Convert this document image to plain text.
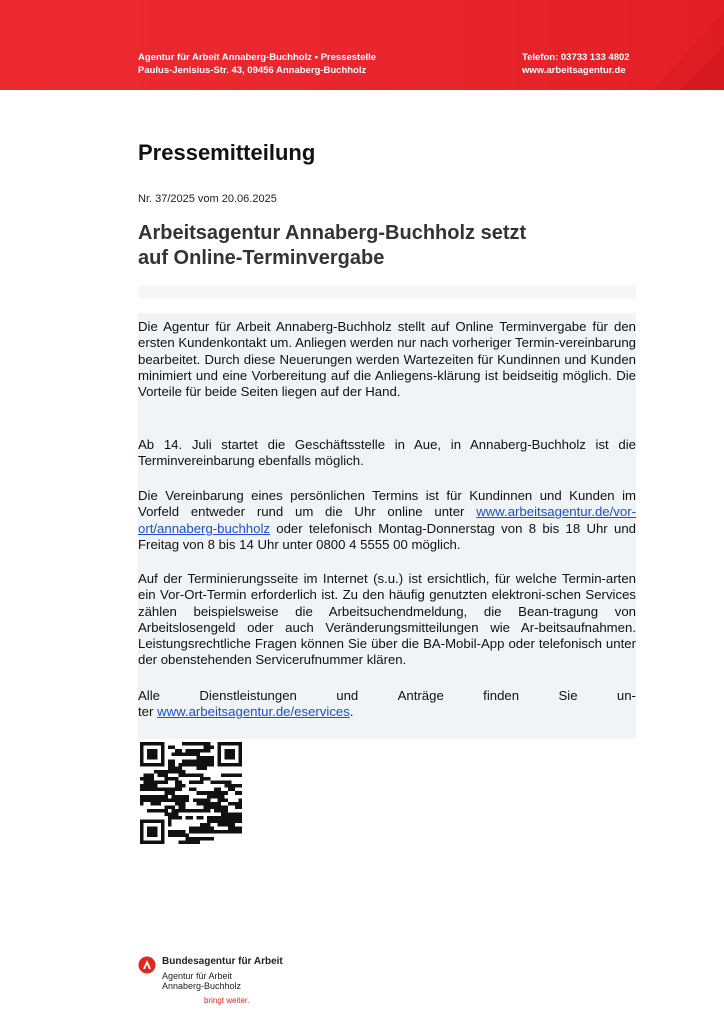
Agentur für Arbeit Annaberg-Buchholz • Pressestelle
Paulus-Jenisius-Str. 43, 09456 Annaberg-Buchholz
Telefon: 03733 133 4802
www.arbeitsagentur.de
Pressemitteilung
Nr. 37/2025 vom 20.06.2025
Arbeitsagentur Annaberg-Buchholz setzt
auf Online-Terminvergabe
Die Agentur für Arbeit Annaberg-Buchholz stellt auf Online Terminvergabe für den ersten Kundenkontakt um. Anliegen werden nur nach vorheriger Termin-vereinbarung bearbeitet. Durch diese Neuerungen werden Wartezeiten für Kundinnen und Kunden minimiert und eine Vorbereitung auf die Anliegens-klärung ist beidseitig möglich. Die Vorteile für beide Seiten liegen auf der Hand.
Ab 14. Juli startet die Geschäftsstelle in Aue, in Annaberg-Buchholz ist die Terminvereinbarung ebenfalls möglich.
Die Vereinbarung eines persönlichen Termins ist für Kundinnen und Kunden im Vorfeld entweder rund um die Uhr online unter www.arbeitsagentur.de/vor-ort/annaberg-buchholz oder telefonisch Montag-Donnerstag von 8 bis 18 Uhr und Freitag von 8 bis 14 Uhr unter 0800 4 5555 00 möglich.
Auf der Terminierungsseite im Internet (s.u.) ist ersichtlich, für welche Termin-arten ein Vor-Ort-Termin erforderlich ist. Zu den häufig genutzten elektroni-schen Services zählen beispielsweise die Arbeitsuchendmeldung, die Bean-tragung von Arbeitslosengeld oder auch Veränderungsmitteilungen wie Ar-beitsaufnahmen. Leistungsrechtliche Fragen können Sie über die BA-Mobil-App oder telefonisch unter der obenstehenden Servicerufnummer klären.
Alle	Dienstleistungen	und	Anträge	finden	Sie	un-
ter www.arbeitsagentur.de/eservices.
Bundesagentur für Arbeit
Agentur für Arbeit
Annaberg-Buchholz
bringt weiter.
